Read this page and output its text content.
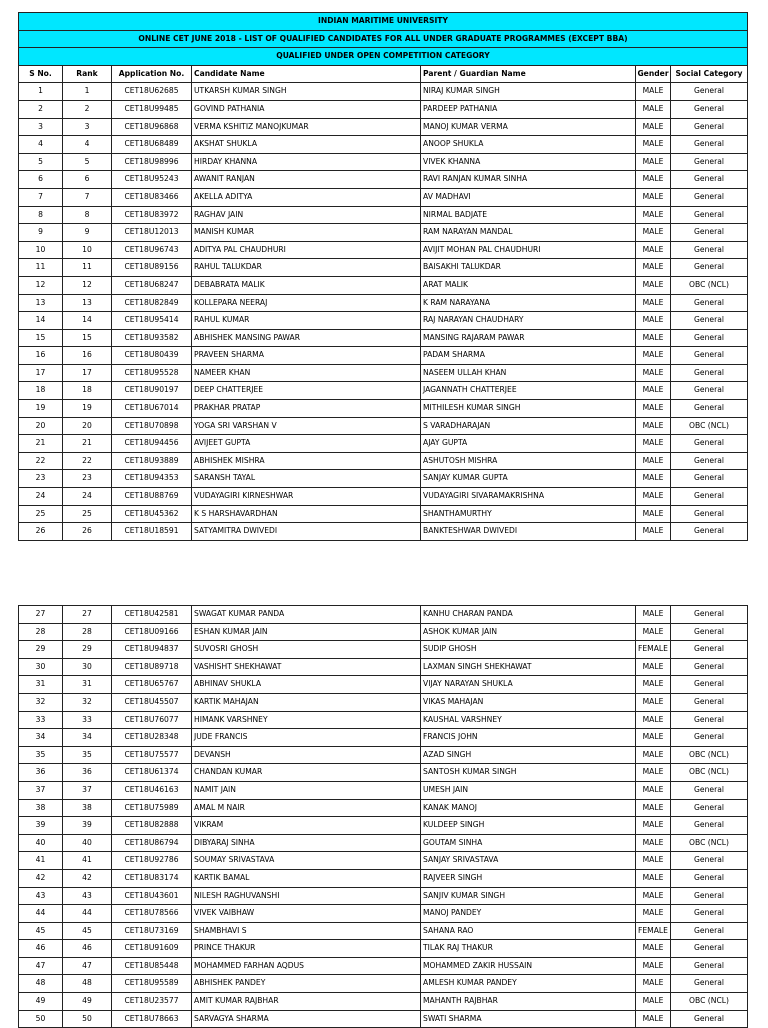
INDIAN MARITIME UNIVERSITY						
ONLINE CET JUNE 2018 - LIST OF QUALIFIED CANDIDATES FOR ALL UNDER GRADUATE PROGRAMMES (EXCEPT BBA)						
QUALIFIED UNDER OPEN COMPETITION CATEGORY						
S No.	Rank	Application No.	Candidate Name	Parent / Guardian Name	Gender	Social Category
1	1	CET18U62685	UTKARSH KUMAR SINGH	NIRAJ KUMAR SINGH	MALE	General
2	2	CET18U99485	GOVIND PATHANIA	PARDEEP PATHANIA	MALE	General
3	3	CET18U96868	VERMA KSHITIZ MANOJKUMAR	MANOJ KUMAR VERMA	MALE	General
4	4	CET18U68489	AKSHAT SHUKLA	ANOOP SHUKLA	MALE	General
5	5	CET18U98996	HIRDAY KHANNA	VIVEK KHANNA	MALE	General
6	6	CET18U95243	AWANIT RANJAN	RAVI RANJAN KUMAR SINHA	MALE	General
7	7	CET18U83466	AKELLA ADITYA	AV MADHAVI	MALE	General
8	8	CET18U83972	RAGHAV JAIN	NIRMAL BADJATE	MALE	General
9	9	CET18U12013	MANISH KUMAR	RAM NARAYAN MANDAL	MALE	General
10	10	CET18U96743	ADITYA PAL CHAUDHURI	AVIJIT MOHAN PAL CHAUDHURI	MALE	General
11	11	CET18U89156	RAHUL TALUKDAR	BAISAKHI TALUKDAR	MALE	General
12	12	CET18U68247	DEBABRATA MALIK	ARAT MALIK	MALE	OBC (NCL)
13	13	CET18U82849	KOLLEPARA NEERAJ	K RAM NARAYANA	MALE	General
14	14	CET18U95414	RAHUL KUMAR	RAJ NARAYAN CHAUDHARY	MALE	General
15	15	CET18U93582	ABHISHEK MANSING PAWAR	MANSING RAJARAM PAWAR	MALE	General
16	16	CET18U80439	PRAVEEN SHARMA	PADAM SHARMA	MALE	General
17	17	CET18U95528	NAMEER KHAN	NASEEM ULLAH KHAN	MALE	General
18	18	CET18U90197	DEEP CHATTERJEE	JAGANNATH CHATTERJEE	MALE	General
19	19	CET18U67014	PRAKHAR PRATAP	MITHILESH KUMAR SINGH	MALE	General
20	20	CET18U70898	YOGA SRI VARSHAN V	S VARADHARAJAN	MALE	OBC (NCL)
21	21	CET18U94456	AVIJEET GUPTA	AJAY GUPTA	MALE	General
22	22	CET18U93889	ABHISHEK MISHRA	ASHUTOSH MISHRA	MALE	General
23	23	CET18U94353	SARANSH TAYAL	SANJAY KUMAR GUPTA	MALE	General
24	24	CET18U88769	VUDAYAGIRI KIRNESHWAR	VUDAYAGIRI SIVARAMAKRISHNA	MALE	General
25	25	CET18U45362	K S HARSHAVARDHAN	SHANTHAMURTHY	MALE	General
26	26	CET18U18591	SATYAMITRA DWIVEDI	BANKTESHWAR DWIVEDI	MALE	General
27	27	CET18U42581	SWAGAT KUMAR PANDA	KANHU CHARAN PANDA	MALE	General
28	28	CET18U09166	ESHAN KUMAR JAIN	ASHOK KUMAR JAIN	MALE	General
29	29	CET18U94837	SUVOSRI GHOSH	SUDIP GHOSH	FEMALE	General
30	30	CET18U89718	VASHISHT SHEKHAWAT	LAXMAN SINGH SHEKHAWAT	MALE	General
31	31	CET18U65767	ABHINAV SHUKLA	VIJAY NARAYAN SHUKLA	MALE	General
32	32	CET18U45507	KARTIK MAHAJAN	VIKAS MAHAJAN	MALE	General
33	33	CET18U76077	HIMANK VARSHNEY	KAUSHAL VARSHNEY	MALE	General
34	34	CET18U28348	JUDE FRANCIS	FRANCIS JOHN	MALE	General
35	35	CET18U75577	DEVANSH	AZAD SINGH	MALE	OBC (NCL)
36	36	CET18U61374	CHANDAN KUMAR	SANTOSH KUMAR SINGH	MALE	OBC (NCL)
37	37	CET18U46163	NAMIT JAIN	UMESH JAIN	MALE	General
38	38	CET18U75989	AMAL M NAIR	KANAK MANOJ	MALE	General
39	39	CET18U82888	VIKRAM	KULDEEP SINGH	MALE	General
40	40	CET18U86794	DIBYARAJ SINHA	GOUTAM SINHA	MALE	OBC (NCL)
41	41	CET18U92786	SOUMAY SRIVASTAVA	SANJAY SRIVASTAVA	MALE	General
42	42	CET18U83174	KARTIK BAMAL	RAJVEER SINGH	MALE	General
43	43	CET18U43601	NILESH RAGHUVANSHI	SANJIV KUMAR SINGH	MALE	General
44	44	CET18U78566	VIVEK VAIBHAW	MANOJ PANDEY	MALE	General
45	45	CET18U73169	SHAMBHAVI S	SAHANA RAO	FEMALE	General
46	46	CET18U91609	PRINCE THAKUR	TILAK RAJ THAKUR	MALE	General
47	47	CET18U85448	MOHAMMED FARHAN AQDUS	MOHAMMED ZAKIR HUSSAIN	MALE	General
48	48	CET18U95589	ABHISHEK PANDEY	AMLESH KUMAR PANDEY	MALE	General
49	49	CET18U23577	AMIT KUMAR RAJBHAR	MAHANTH RAJBHAR	MALE	OBC (NCL)
50	50	CET18U78663	SARVAGYA SHARMA	SWATI SHARMA	MALE	General
